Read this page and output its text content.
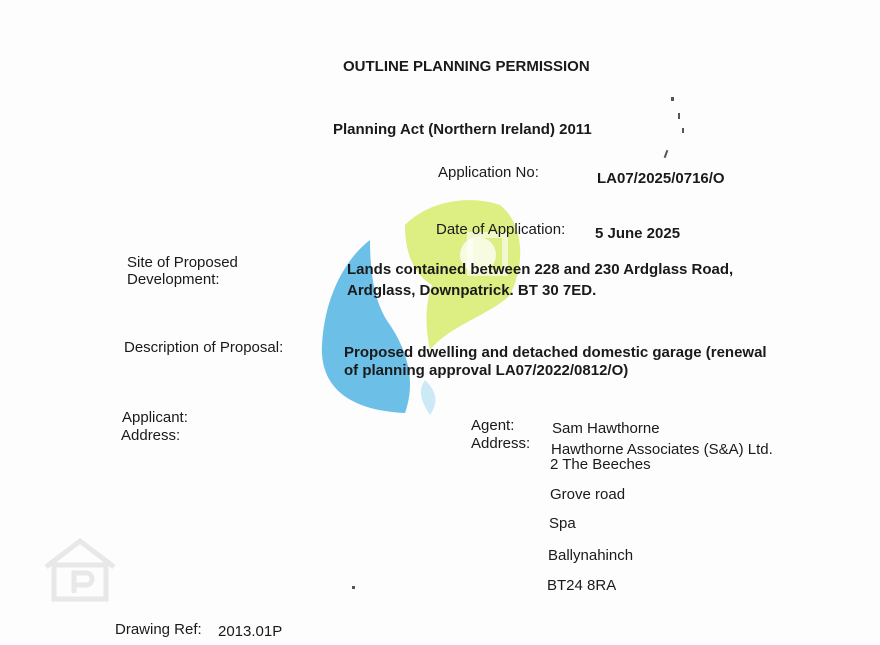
OUTLINE PLANNING PERMISSION
Planning Act (Northern Ireland) 2011
Application No:	LA07/2025/0716/O
Date of Application: 5 June 2025
Site of Proposed
Development:
Lands contained between 228 and 230 Ardglass Road,
Ardglass, Downpatrick. BT 30 7ED.
Description of Proposal:	Proposed dwelling and detached domestic garage (renewal
of planning approval LA07/2022/0812/O)
Applicant:
Address:
Agent:
Address:
Sam Hawthorne
Hawthorne Associates (S&A) Ltd.
2 The Beeches
Grove road
Spa
Ballynahinch
BT24 8RA
Drawing Ref: 2013.01P
